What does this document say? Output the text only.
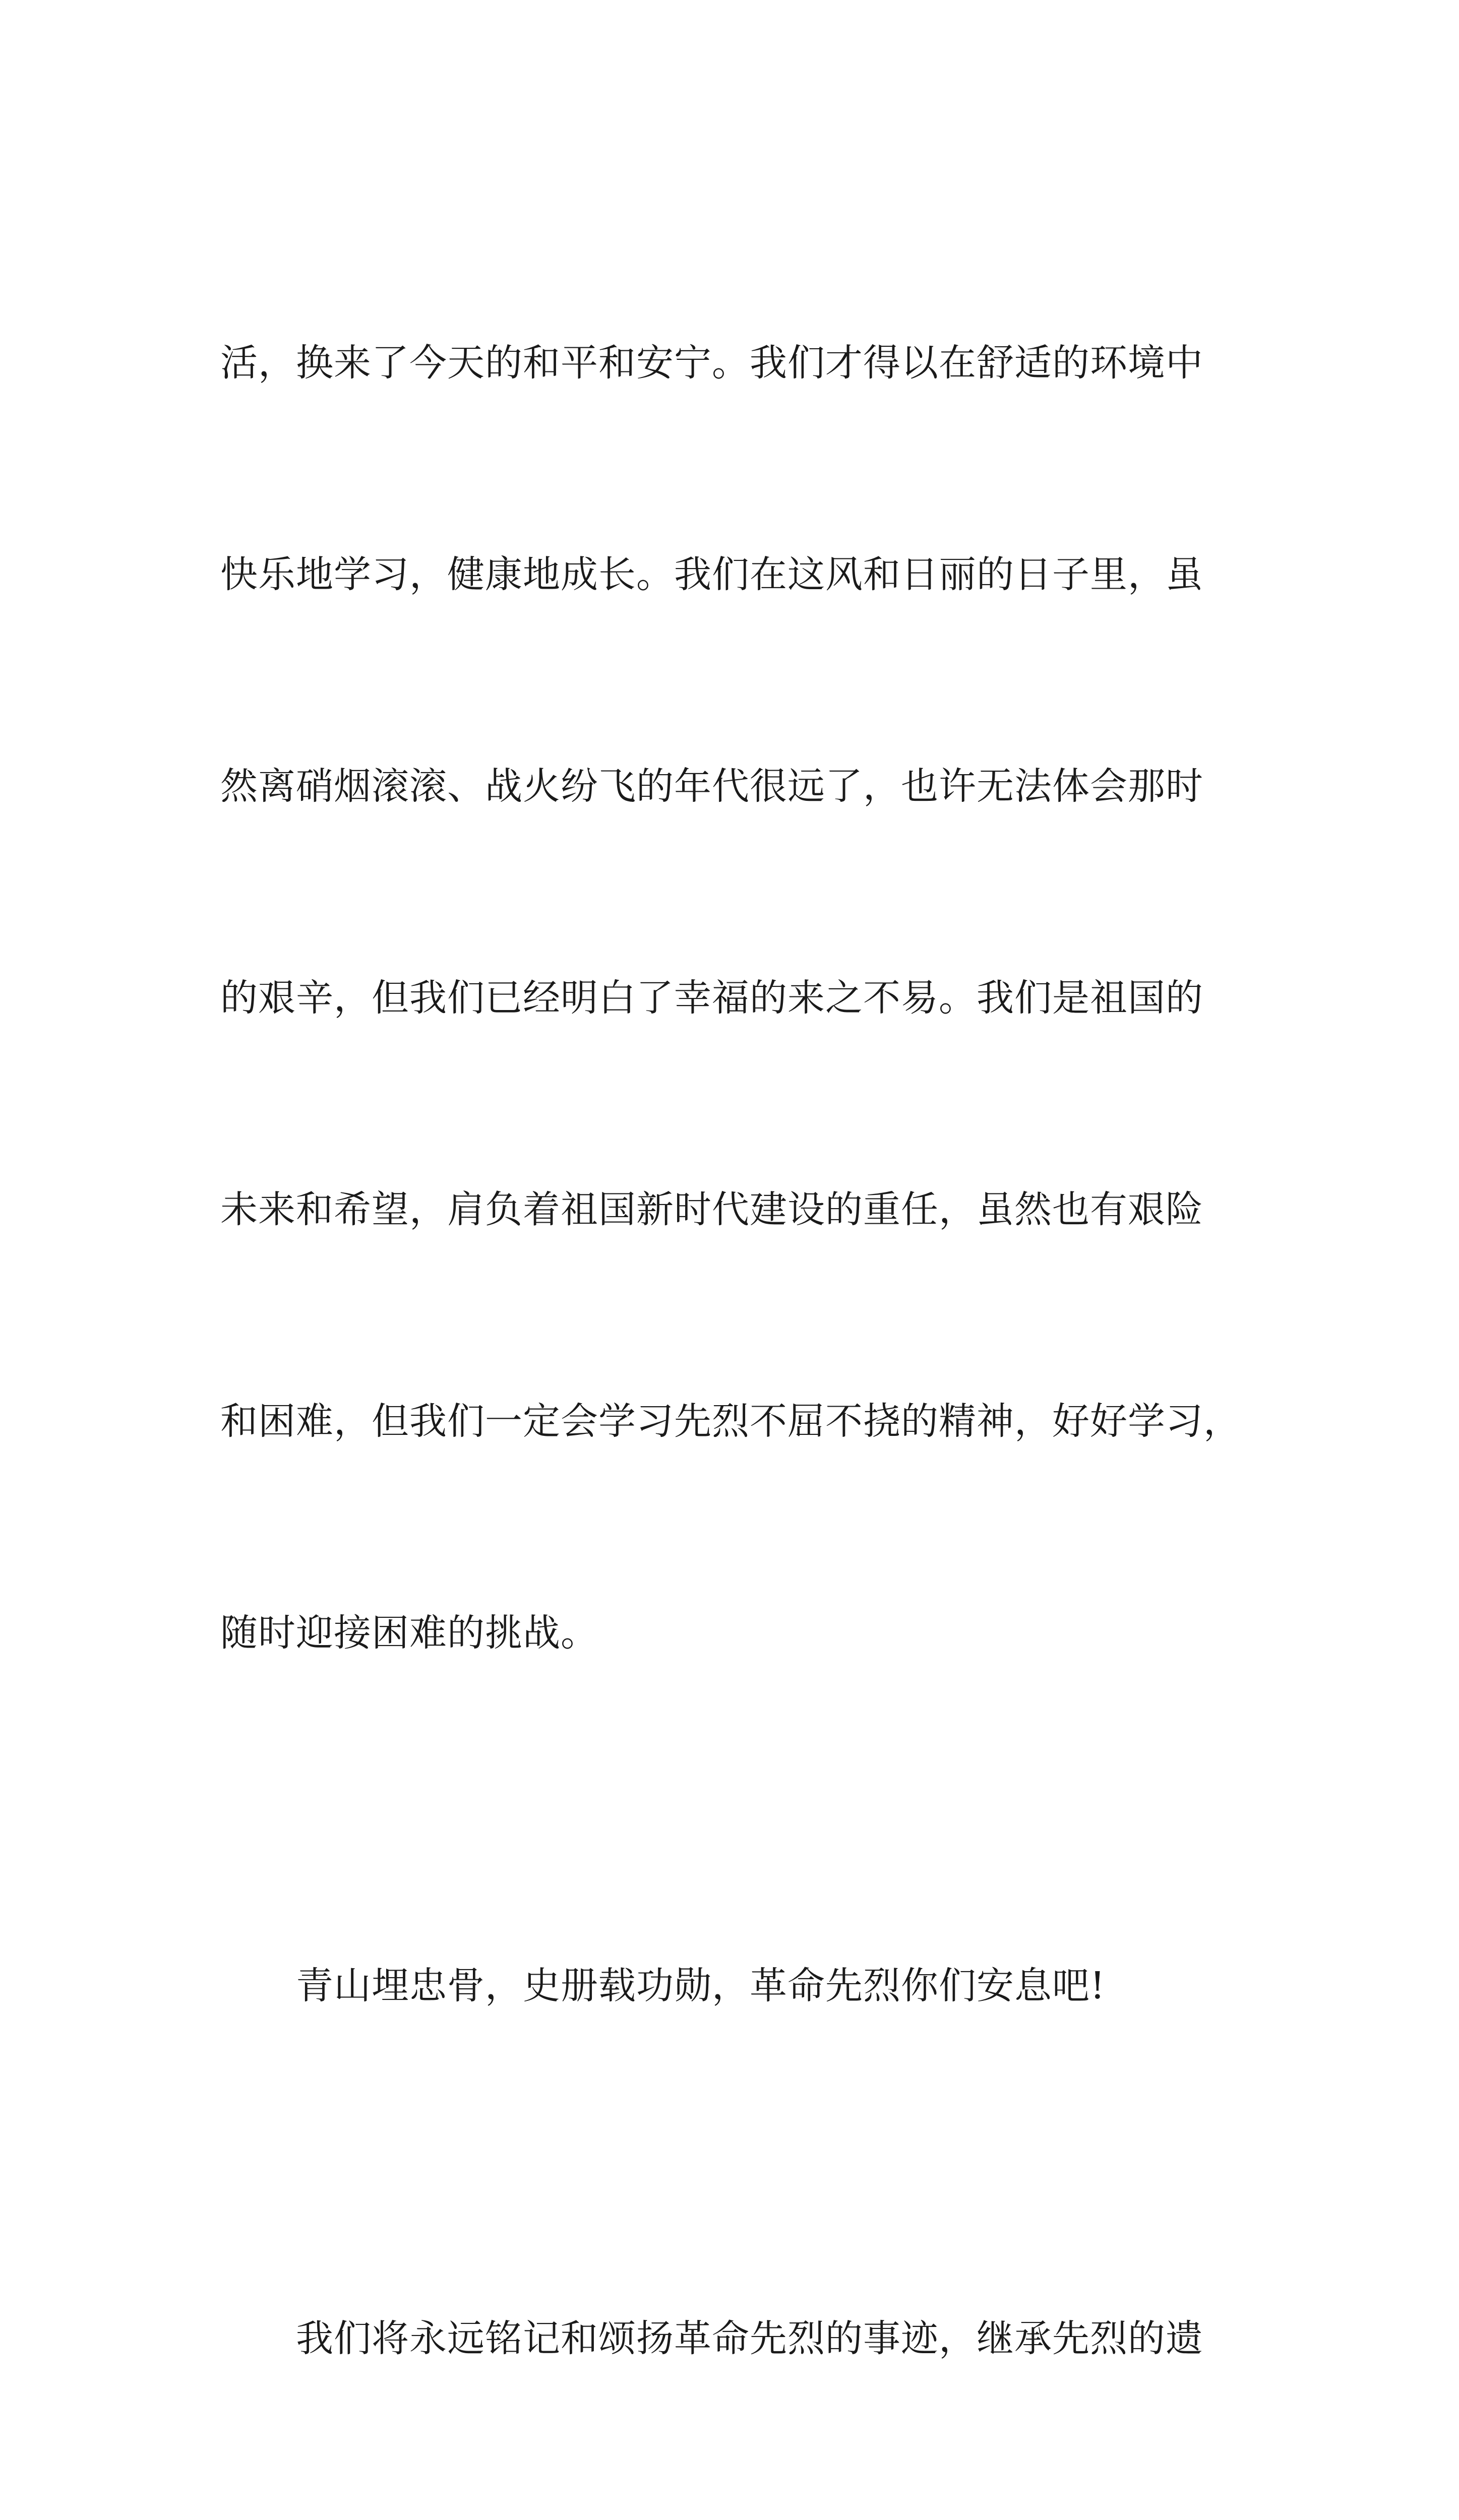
活，换来了今天的和平和安宁。我们才得以在舒适的环境中

快乐地学习，健康地成长。我们在这风和日丽的日子里，虽

然离硝烟滚滚、战火纷飞的年代很远了，也许无法体会那时

的艰辛，但我们已经明白了幸福的来之不易。我们是祖国的

未来和希望，肩负着祖国新时代建设的重任，虽然也有艰险

和困难，但我们一定会学习先烈不屈不挠的精神，好好学习，

随时迎接困难的挑战。

　　青山埋忠骨，史册载功勋，革命先烈你们安息吧!

　　我们将永远铭记和颂扬革命先烈的事迹，继承先烈的遗
